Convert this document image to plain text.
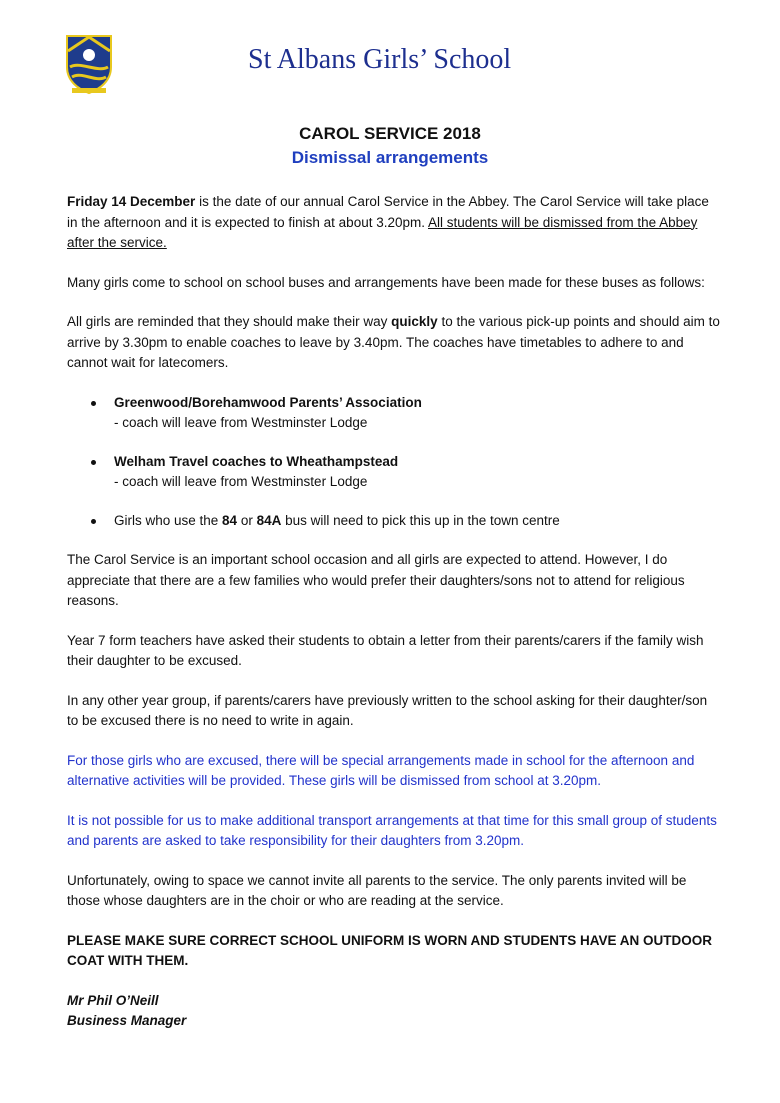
St Albans Girls’ School
CAROL SERVICE 2018
Dismissal arrangements

Friday 14 December is the date of our annual Carol Service in the Abbey. The Carol Service will take place in the afternoon and it is expected to finish at about 3.20pm. All students will be dismissed from the Abbey after the service.

Many girls come to school on school buses and arrangements have been made for these buses as follows:

All girls are reminded that they should make their way quickly to the various pick-up points and should aim to arrive by 3.30pm to enable coaches to leave by 3.40pm. The coaches have timetables to adhere to and cannot wait for latecomers.

Greenwood/Borehamwood Parents’ Association
- coach will leave from Westminster Lodge
Welham Travel coaches to Wheathampstead
- coach will leave from Westminster Lodge
Girls who use the 84 or 84A bus will need to pick this up in the town centre

The Carol Service is an important school occasion and all girls are expected to attend. However, I do appreciate that there are a few families who would prefer their daughters/sons not to attend for religious reasons.

Year 7 form teachers have asked their students to obtain a letter from their parents/carers if the family wish their daughter to be excused.

In any other year group, if parents/carers have previously written to the school asking for their daughter/son to be excused there is no need to write in again.

For those girls who are excused, there will be special arrangements made in school for the afternoon and alternative activities will be provided. These girls will be dismissed from school at 3.20pm.

It is not possible for us to make additional transport arrangements at that time for this small group of students and parents are asked to take responsibility for their daughters from 3.20pm.

Unfortunately, owing to space we cannot invite all parents to the service. The only parents invited will be those whose daughters are in the choir or who are reading at the service.

PLEASE MAKE SURE CORRECT SCHOOL UNIFORM IS WORN AND STUDENTS HAVE AN OUTDOOR COAT WITH THEM.

Mr Phil O’Neill
Business Manager
